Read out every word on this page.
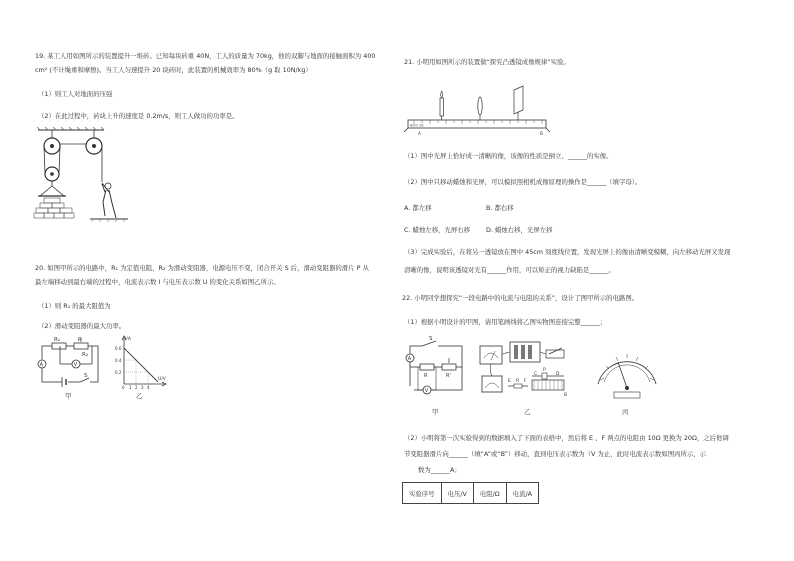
19. 某工人用如图所示的装置提升一堆砖。已知每块砖重 40N，工人的质量为 70kg，他的双脚与地面的接触面积为 400
cm² (不计绳重和摩擦)。当工人匀速提升 20 块砖时，此装置的机械效率为 80%（g 取 10N/kg）
（1）则工人对地面的压强
（2）在此过程中，砖块上升的速度是 0.2m/s，则工人做功的功率是。
20. 如图甲所示的电路中，R₁ 为定值电阻，R₂ 为滑动变阻器，电源电压不变，闭合开关 S 后，滑动变阻器的滑片 P 从
最左端移动到最右端的过程中，电流表示数 I 与电压表示数 U 的变化关系如图乙所示。
（1）则 R₁ 的最大阻值为
（2）滑动变阻器的最大功率。
R₁	P
R₂
A	V
S
甲
I/A
U/V
0.6
0.4
0.2
0 1 2 3 4
乙
21. 小明用如图所示的装置做“探究凸透镜成像规律”实验。
0cm 10
A	B
（1）图中光屏上恰好成一清晰的像，该像的性质是倒立、______的实像。
（2）图中只移动蜡烛和光屏，可以模拟照相机成像原理的操作是______（填字母）。
A. 都左移	B. 都右移
C. 蜡烛左移，光屏右移 D. 蜡烛右移，光屏左移
（3）完成实验后，在将另一透镜放在图中 45cm 刻度线位置，发现光屏上的像由清晰变模糊，向左移动光屏又发现
清晰的像，说明该透镜对光有______作用，可以矫正的视力缺陷是______。
22. 小明同学想探究“一段电路中的电流与电阻的关系”，设计了图甲所示的电路图。
（1）根据小明设计的甲图，请用笔画线将乙图实物图连接完整______；
S
A
R
V
R'
甲
E R F
C
P
D
B
乙	丙
（2）小明将第一次实验得到的数据填入了下面的表格中，然后将 E 、F 两点的电阻由 10Ω 更换为 20Ω，之后他调
节变阻器滑片向______（填“A”或“B”）移动，直到电压表示数为（V 为止，此时电流表示数如图丙所示，示
数为______A；
实验序号	电压/V	电阻/Ω	电流/A
